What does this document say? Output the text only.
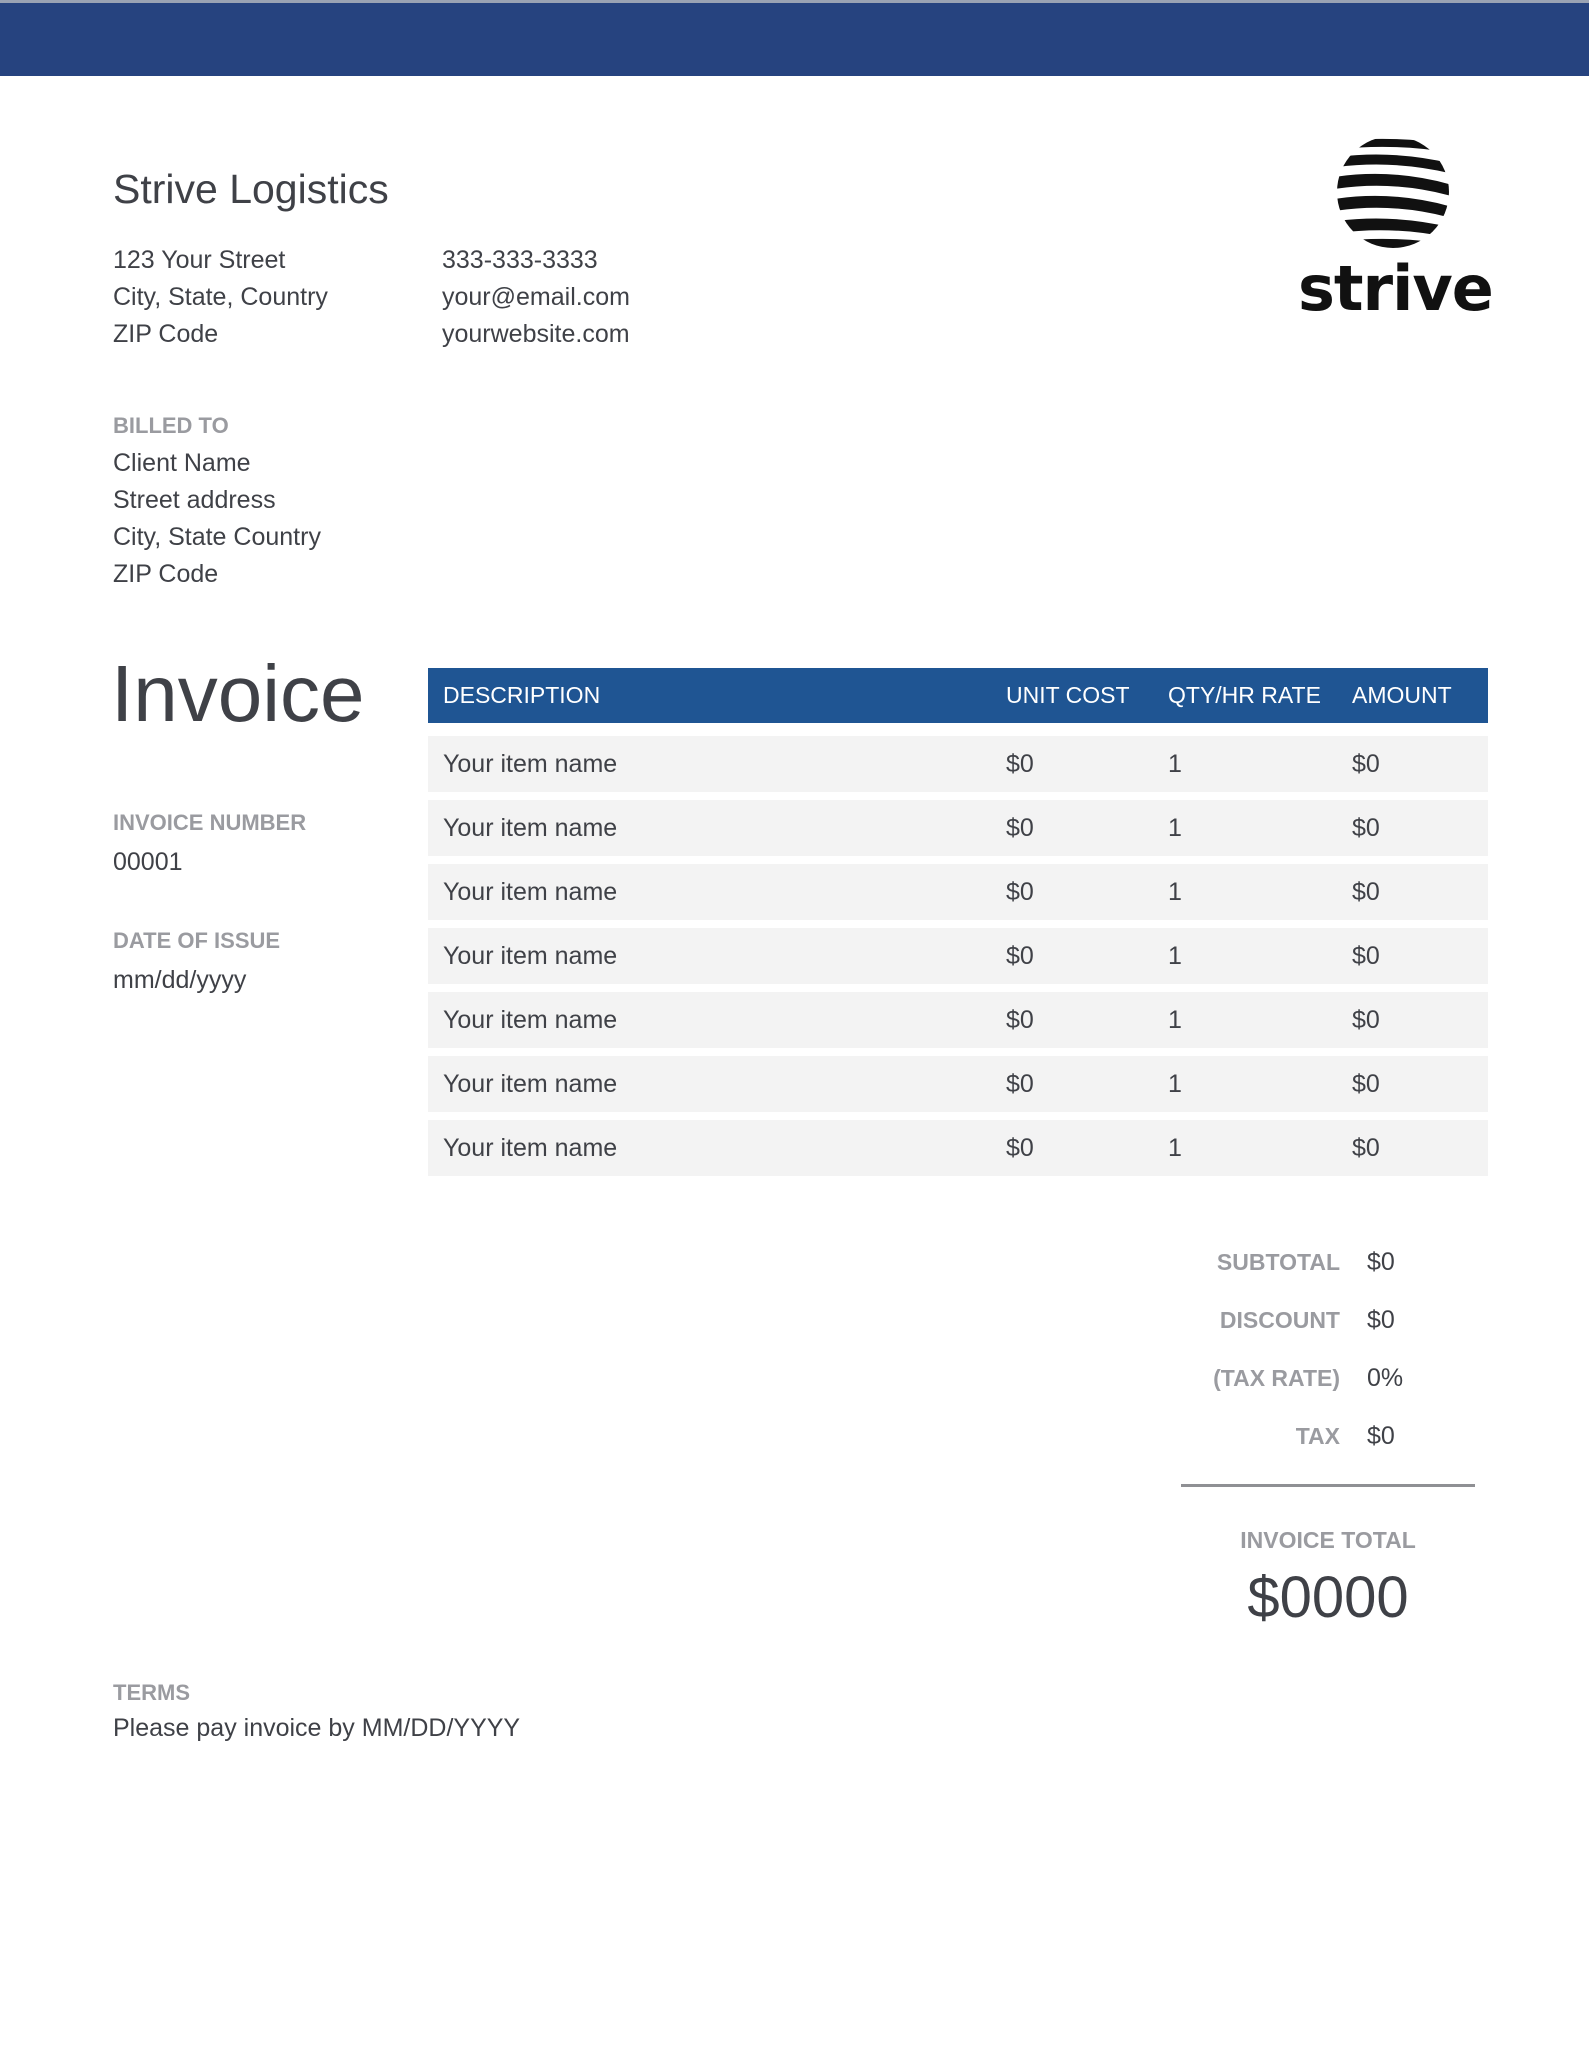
Strive Logistics
123 Your Street
City, State, Country
ZIP Code
333-333-3333
your@email.com
yourwebsite.com
strive
BILLED TO
Client Name
Street address
City, State Country
ZIP Code
Invoice
INVOICE NUMBER
00001
DATE OF ISSUE
mm/dd/yyyy
DESCRIPTION	UNIT COST	QTY/HR RATE	AMOUNT
Your item name	$0	1	$0
Your item name	$0	1	$0
Your item name	$0	1	$0
Your item name	$0	1	$0
Your item name	$0	1	$0
Your item name	$0	1	$0
Your item name	$0	1	$0
SUBTOTAL	$0
DISCOUNT	$0
(TAX RATE)	0%
TAX	$0
INVOICE TOTAL
$0000
TERMS
Please pay invoice by MM/DD/YYYY
